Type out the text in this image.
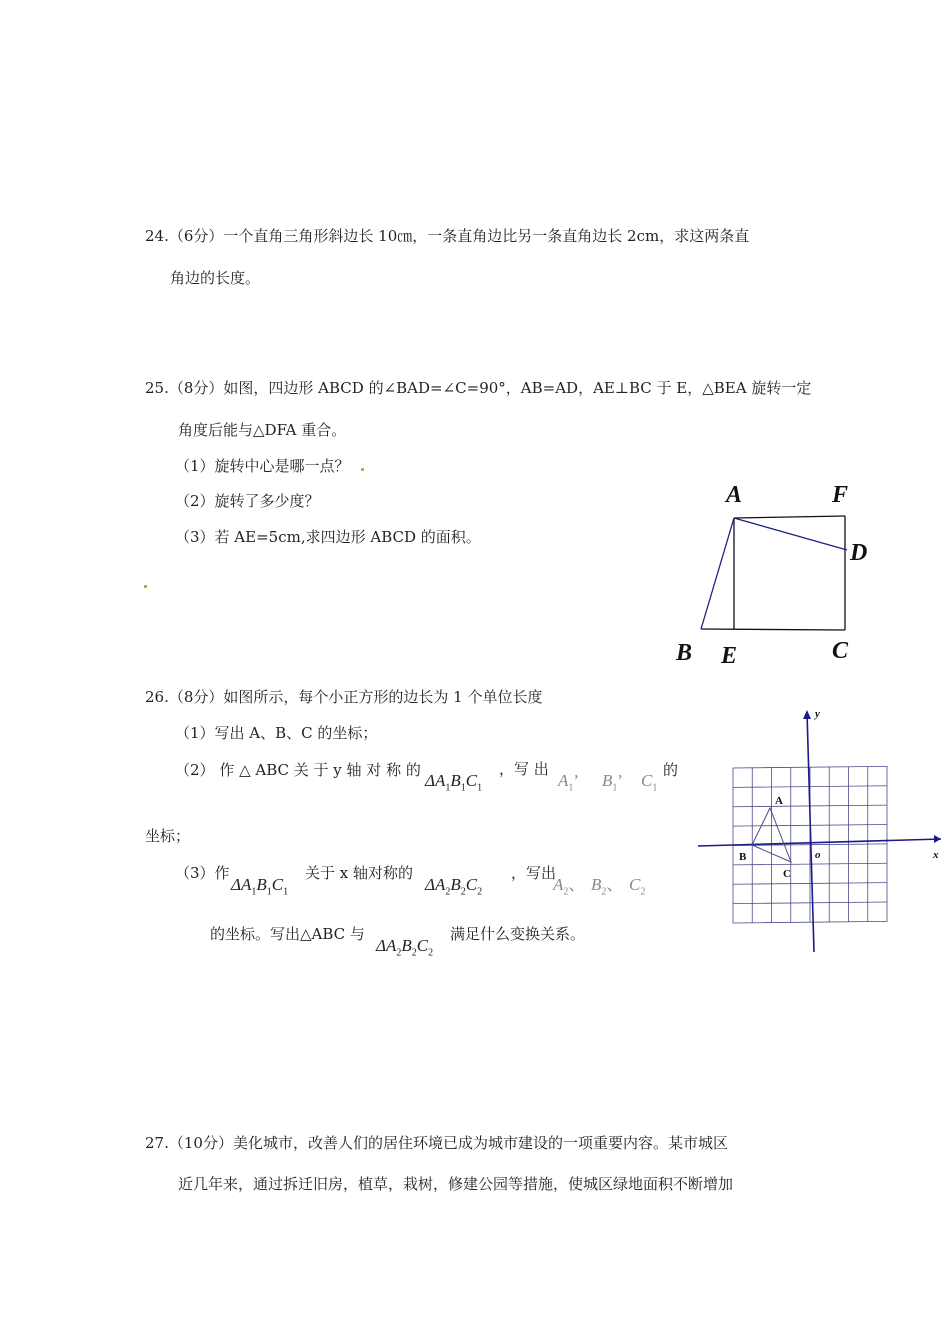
24.（6分）一个直角三角形斜边长 10㎝，一条直角边比另一条直角边长 2cm，求这两条直
角边的长度。
25.（8分）如图，四边形 ABCD 的∠BAD=∠C=90°，AB=AD，AE⊥BC 于 E，△BEA 旋转一定
角度后能与△DFA 重合。
（1）旋转中心是哪一点？
（2）旋转了多少度？
（3）若 AE=5cm,求四边形 ABCD 的面积。
A	F
D
B E	C
26.（8分）如图所示，每个小正方形的边长为 1 个单位长度
（1）写出 A、B、C 的坐标；
（2） 作 △ ABC 关 于 y 轴 对 称 的
$\Delta A_1B_1C_1$
，写 出
$A_1$’ $B_1$’ $C_1$
的
坐标；
（3）作
$\Delta A_1B_1C_1$
关于 x 轴对称的
$\Delta A_2B_2C_2$
，写出
$A_2$、 $B_2$、 $C_2$
的坐标。写出△ABC 与
$\Delta A_2B_2C_2$
满足什么变换关系。
y
x
o
A
B
C
27.（10分）美化城市，改善人们的居住环境已成为城市建设的一项重要内容。某市城区
近几年来，通过拆迁旧房，植草，栽树，修建公园等措施，使城区绿地面积不断增加
